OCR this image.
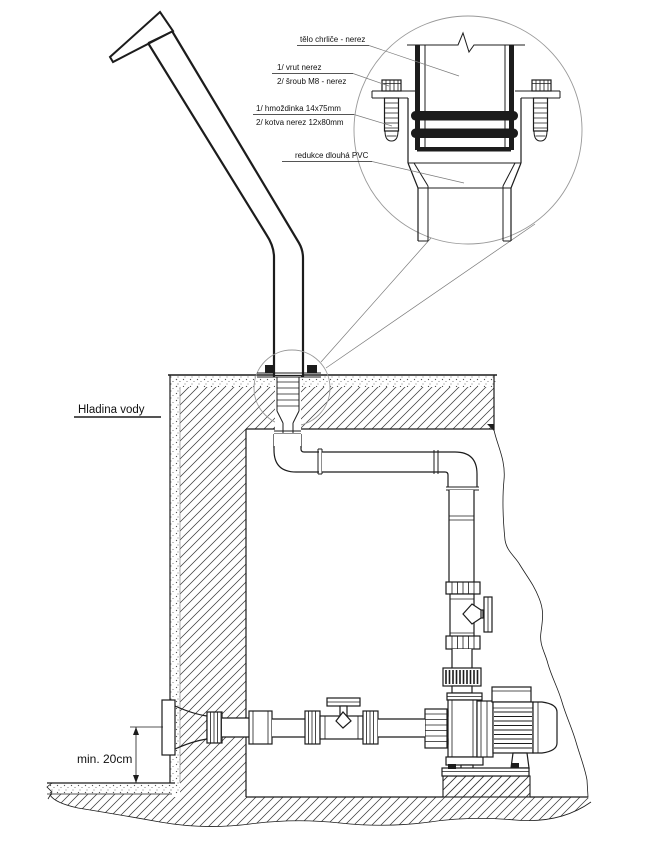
min. 20cm
Hladina vody
tělo chrliče - nerez
1/ vrut nerez
2/ šroub M8 - nerez
1/ hmoždinka 14x75mm
2/ kotva nerez 12x80mm
redukce dlouhá PVC
